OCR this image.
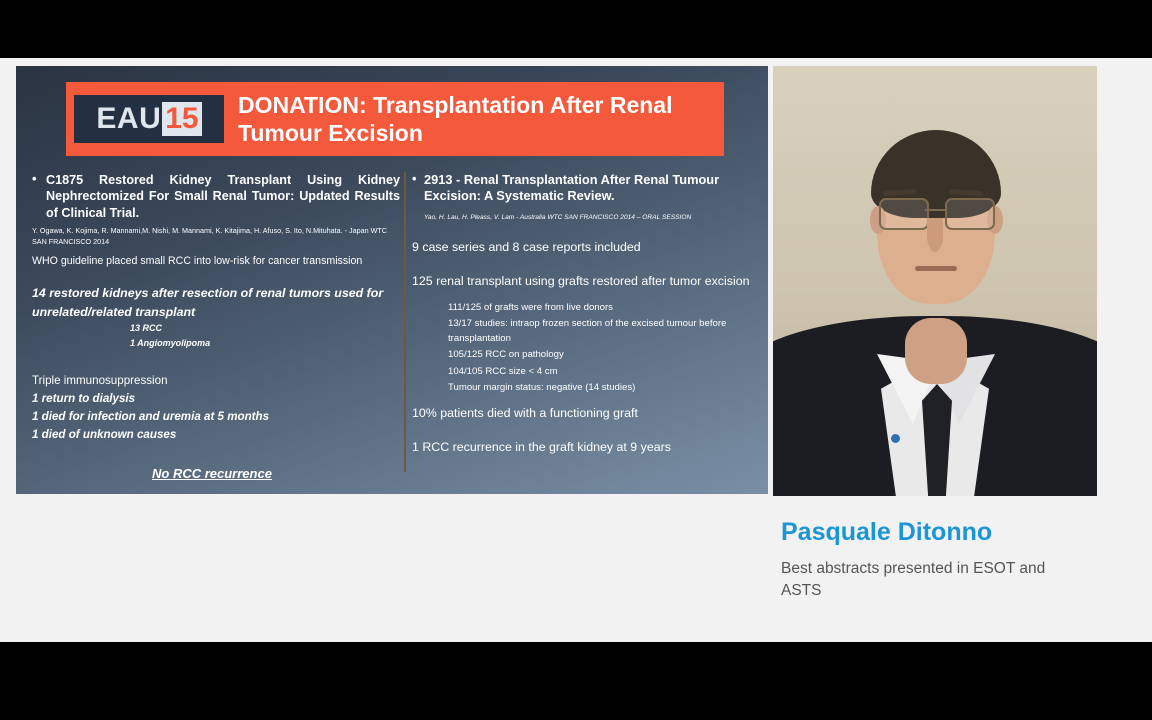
EAU 15 DONATION: Transplantation After Renal Tumour Excision
• C1875 Restored Kidney Transplant Using Kidney Nephrectomized For Small Renal Tumor: Updated Results of Clinical Trial.
Y. Ogawa, K. Kojima, R. Mannami,M. Nishi, M. Mannami, K. Kitajima, H. Afuso, S. Ito, N.Mituhata. - Japan WTC SAN FRANCISCO 2014
WHO guideline placed small RCC into low-risk for cancer transmission
14 restored kidneys after resection of renal tumors used for unrelated/related transplant
13 RCC
1 Angiomyolipoma
Triple immunosuppression
1 return to dialysis
1 died for infection and uremia at 5 months
1 died of unknown causes
No RCC recurrence
• 2913 - Renal Transplantation After Renal Tumour Excision: A Systematic Review.
Yao, H. Lau, H. Pleass, V. Lam - Australia WTC SAN FRANCISCO 2014 – ORAL SESSION
9 case series and 8 case reports included
125 renal transplant using grafts restored after tumor excision
111/125 of grafts were from live donors
13/17 studies: intraop frozen section of the excised tumour before transplantation
105/125 RCC on pathology
104/105 RCC size < 4 cm
Tumour margin status: negative (14 studies)
10% patients died with a functioning graft
1 RCC recurrence in the graft kidney at 9 years
Pasquale Ditonno
Best abstracts presented in ESOT and ASTS
